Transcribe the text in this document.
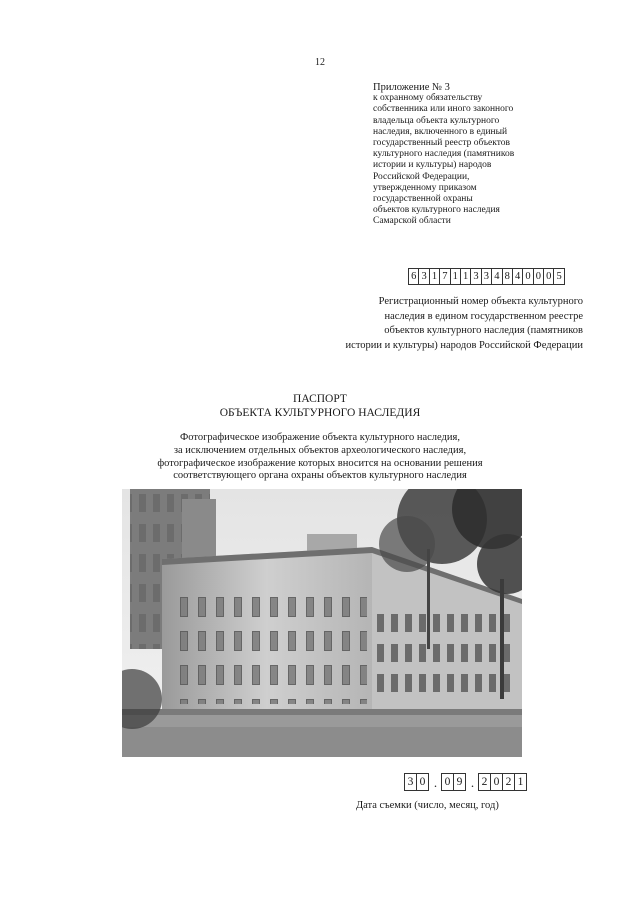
12
Приложение № 3
к охранному обязательству
собственника или иного законного
владельца объекта культурного
наследия, включенного в единый
государственный реестр объектов
культурного наследия (памятников
истории и культуры) народов
Российской Федерации,
утвержденному приказом
государственной охраны
объектов культурного наследия
Самарской области
6 3 1 7 1 1 3 3 4 8 4 0 0 0 5
Регистрационный номер объекта культурного
наследия в едином государственном реестре
объектов культурного наследия (памятников
истории и культуры) народов Российской Федерации
ПАСПОРТ
ОБЪЕКТА КУЛЬТУРНОГО НАСЛЕДИЯ
Фотографическое изображение объекта культурного наследия,
за исключением отдельных объектов археологического наследия,
фотографическое изображение которых вносится на основании решения
соответствующего органа охраны объектов культурного наследия
3 0 . 0 9 . 2 0 2 1
Дата съемки (число, месяц, год)
